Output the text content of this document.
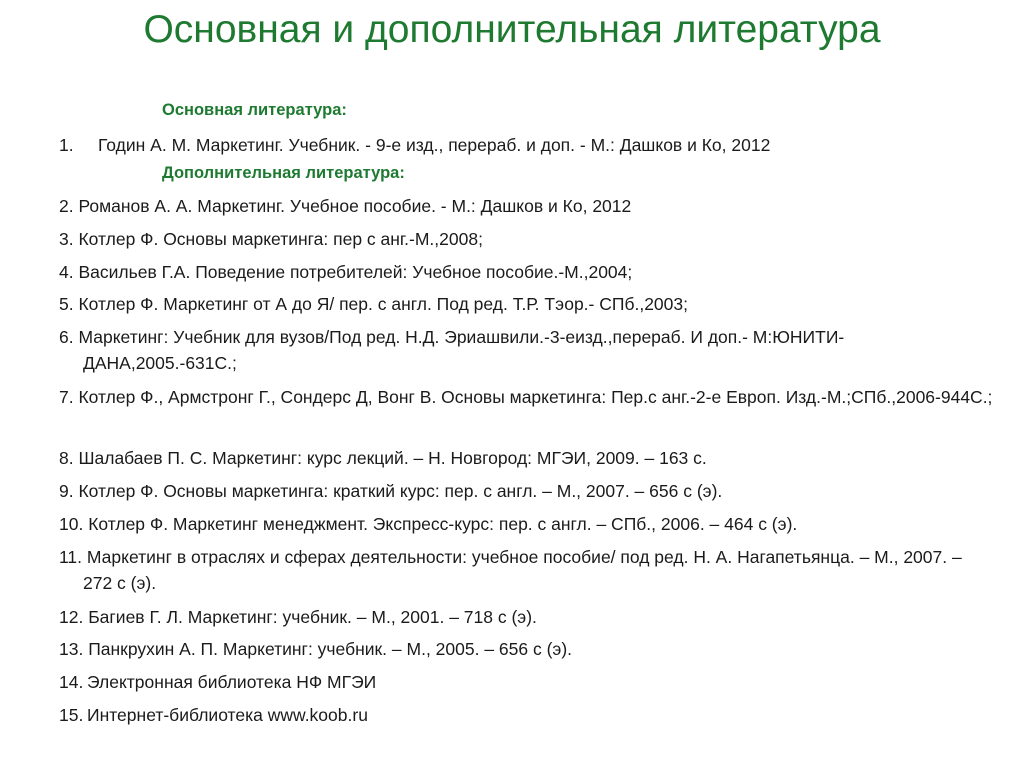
Основная и дополнительная литература
Основная литература:
1. Годин А. М. Маркетинг. Учебник. - 9-е изд., перераб. и доп. - М.: Дашков и Ко, 2012
Дополнительная литература:
2. Романов А. А. Маркетинг. Учебное пособие. - М.: Дашков и Ко, 2012
3. Котлер Ф. Основы маркетинга: пер с анг.-М.,2008;
4. Васильев Г.А. Поведение потребителей: Учебное пособие.-М.,2004;
5. Котлер Ф. Маркетинг от А до Я/ пер. с англ. Под ред. Т.Р. Тэор.- СПб.,2003;
6. Маркетинг: Учебник для вузов/Под ред. Н.Д. Эриашвили.-3-еизд.,перераб. И доп.- М:ЮНИТИ-ДАНА,2005.-631С.;
7. Котлер Ф., Армстронг Г., Сондерс Д, Вонг В. Основы маркетинга: Пер.с анг.-2-е Европ. Изд.-М.;СПб.,2006-944С.;
8. Шалабаев П. С. Маркетинг: курс лекций. – Н. Новгород: МГЭИ, 2009. – 163 с.
9. Котлер Ф. Основы маркетинга: краткий курс: пер. с англ. – М., 2007. – 656 с (э).
10. Котлер Ф. Маркетинг менеджмент. Экспресс-курс: пер. с англ. – СПб., 2006. – 464 с (э).
11. Маркетинг в отраслях и сферах деятельности: учебное пособие/ под ред. Н. А. Нагапетьянца. – М., 2007. – 272 с (э).
12. Багиев Г. Л. Маркетинг: учебник. – М., 2001. – 718 с (э).
13. Панкрухин А. П. Маркетинг: учебник. – М., 2005. – 656 с (э).
14. Электронная библиотека НФ МГЭИ
15. Интернет-библиотека www.koob.ru
